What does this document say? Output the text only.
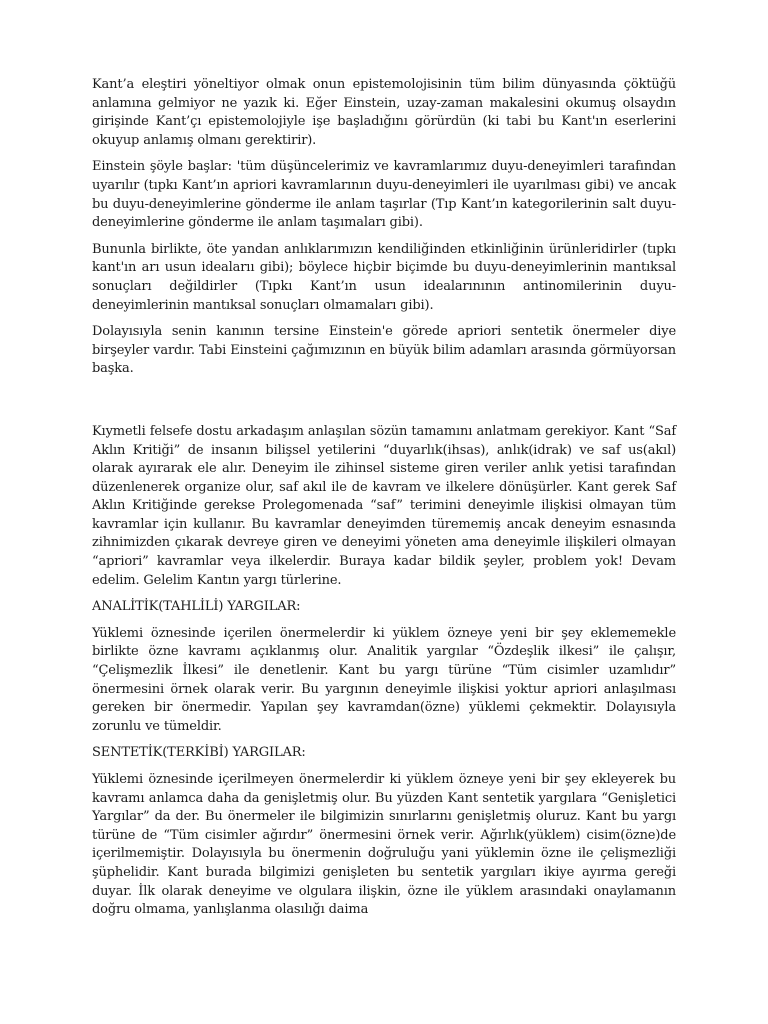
Kant’a eleştiri yöneltiyor olmak onun epistemolojisinin tüm bilim dünyasında çöktüğü anlamına gelmiyor ne yazık ki. Eğer Einstein, uzay-zaman makalesini okumuş olsaydın girişinde Kant’çı epistemolojiyle işe başladığını görürdün (ki tabi bu Kant'ın eserlerini okuyup anlamış olmanı gerektirir).

Einstein şöyle başlar: 'tüm düşüncelerimiz ve kavramlarımız duyu-deneyimleri tarafından uyarılır (tıpkı Kant’ın apriori kavramlarının duyu-deneyimleri ile uyarılması gibi) ve ancak bu duyu-deneyimlerine gönderme ile anlam taşırlar (Tıp Kant’ın kategorilerinin salt duyu-deneyimlerine gönderme ile anlam taşımaları gibi).

Bununla birlikte, öte yandan anlıklarımızın kendiliğinden etkinliğinin ürünleridirler (tıpkı kant'ın arı usun idealarıı gibi); böylece hiçbir biçimde bu duyu-deneyimlerinin mantıksal sonuçları değildirler (Tıpkı Kant’ın usun idealarınının antinomilerinin duyu-deneyimlerinin mantıksal sonuçları olmamaları gibi).

Dolayısıyla senin kanının tersine Einstein'e görede apriori sentetik önermeler diye birşeyler vardır. Tabi Einsteini çağımızının en büyük bilim adamları arasında görmüyorsan başka.

Kıymetli felsefe dostu arkadaşım anlaşılan sözün tamamını anlatmam gerekiyor. Kant “Saf Aklın Kritiği” de insanın bilişsel yetilerini “duyarlık(ihsas), anlık(idrak) ve saf us(akıl) olarak ayırarak ele alır. Deneyim ile zihinsel sisteme giren veriler anlık yetisi tarafından düzenlenerek organize olur, saf akıl ile de kavram ve ilkelere dönüşürler. Kant gerek Saf Aklın Kritiğinde gerekse Prolegomenada “saf” terimini deneyimle ilişkisi olmayan tüm kavramlar için kullanır. Bu kavramlar deneyimden türememiş ancak deneyim esnasında zihnimizden çıkarak devreye giren ve deneyimi yöneten ama deneyimle ilişkileri olmayan “apriori” kavramlar veya ilkelerdir. Buraya kadar bildik şeyler, problem yok! Devam edelim. Gelelim Kantın yargı türlerine.

ANALİTİK(TAHLİLİ) YARGILAR:

Yüklemi öznesinde içerilen önermelerdir ki yüklem özneye yeni bir şey eklememekle birlikte özne kavramı açıklanmış olur. Analitik yargılar “Özdeşlik ilkesi” ile çalışır, “Çelişmezlik İlkesi” ile denetlenir. Kant bu yargı türüne “Tüm cisimler uzamlıdır” önermesini örnek olarak verir. Bu yargının deneyimle ilişkisi yoktur apriori anlaşılması gereken bir önermedir. Yapılan şey kavramdan(özne) yüklemi çekmektir. Dolayısıyla zorunlu ve tümeldir.

SENTETİK(TERKİBİ) YARGILAR:

Yüklemi öznesinde içerilmeyen önermelerdir ki yüklem özneye yeni bir şey ekleyerek bu kavramı anlamca daha da genişletmiş olur. Bu yüzden Kant sentetik yargılara “Genişletici Yargılar” da der. Bu önermeler ile bilgimizin sınırlarını genişletmiş oluruz. Kant bu yargı türüne de “Tüm cisimler ağırdır” önermesini örnek verir. Ağırlık(yüklem) cisim(özne)de içerilmemiştir. Dolayısıyla bu önermenin doğruluğu yani yüklemin özne ile çelişmezliği şüphelidir. Kant burada bilgimizi genişleten bu sentetik yargıları ikiye ayırma gereği duyar. İlk olarak deneyime ve olgulara ilişkin, özne ile yüklem arasındaki onaylamanın doğru olmama, yanlışlanma olasılığı daima
